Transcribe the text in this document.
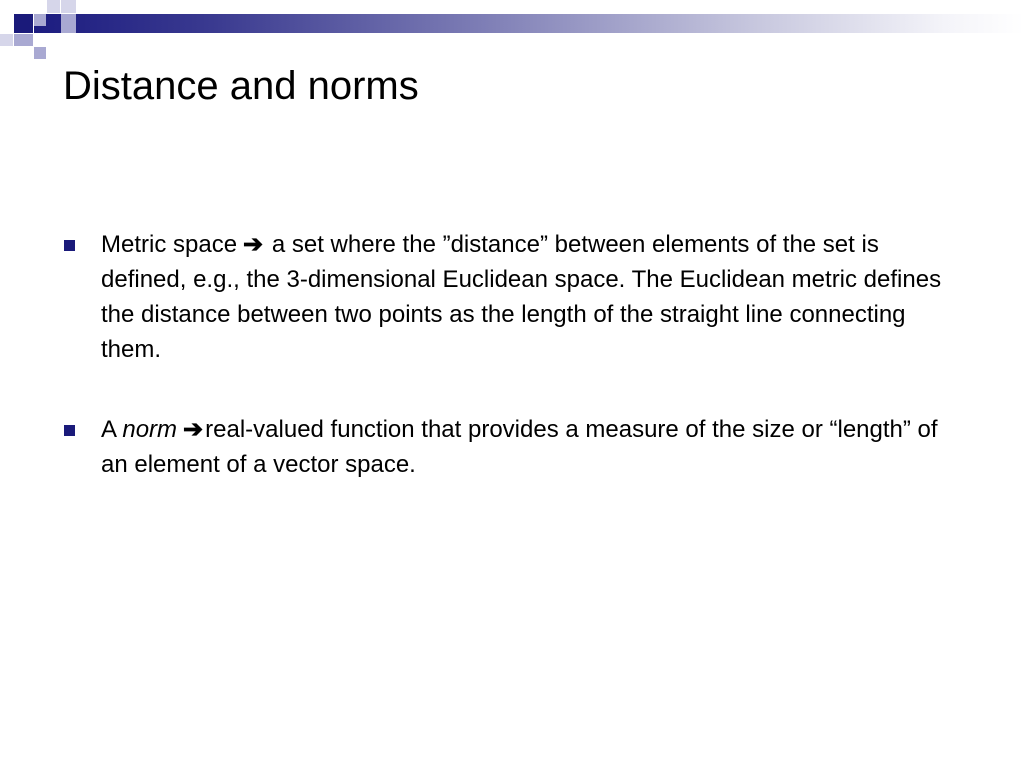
Distance and norms
Metric space ➔ a set where the ”distance” between elements of the set is defined, e.g., the 3-dimensional Euclidean space. The Euclidean metric defines the distance between two points as the length of the straight line connecting them.
A norm ➔real-valued function that provides a measure of the size or “length” of an element of a vector space.
